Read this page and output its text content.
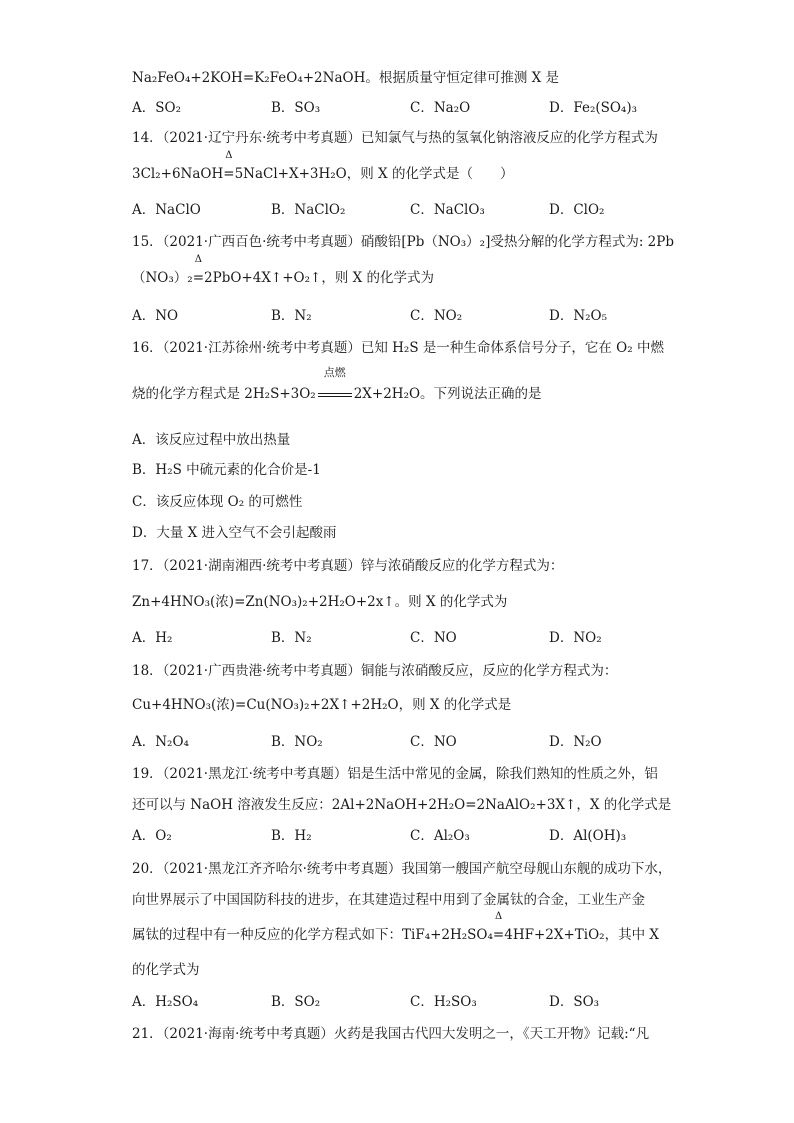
Na₂FeO₄+2KOH=K₂FeO₄+2NaOH。根据质量守恒定律可推测 X 是
A．SO₂	B．SO₃	C．Na₂O	D．Fe₂(SO₄)₃
14．（2021·辽宁丹东·统考中考真题）已知氯气与热的氢氧化钠溶液反应的化学方程式为
3Cl₂+6NaOH
Δ
=5NaCl+X+3H₂O，则 X 的化学式是（　　）
A．NaClO	B．NaClO₂	C．NaClO₃	D．ClO₂
15．（2021·广西百色·统考中考真题）硝酸铅[Pb（NO₃）₂]受热分解的化学方程式为: 2Pb
（NO₃）₂
Δ
=2PbO+4X↑+O₂↑，则 X 的化学式为
A．NO	B．N₂	C．NO₂	D．N₂O₅
16．（2021·江苏徐州·统考中考真题）已知 H₂S 是一种生命体系信号分子，它在 O₂ 中燃
烧的化学方程式是 2H₂S+3O₂
点燃
2X+2H₂O。下列说法正确的是
A．该反应过程中放出热量
B．H₂S 中硫元素的化合价是-1
C．该反应体现 O₂ 的可燃性
D．大量 X 进入空气不会引起酸雨
17．（2021·湖南湘西·统考中考真题）锌与浓硝酸反应的化学方程式为：
Zn+4HNO₃(浓)=Zn(NO₃)₂+2H₂O+2x↑。则 X 的化学式为
A．H₂	B．N₂	C．NO	D．NO₂
18．（2021·广西贵港·统考中考真题）铜能与浓硝酸反应，反应的化学方程式为：
Cu+4HNO₃(浓)=Cu(NO₃)₂+2X↑+2H₂O，则 X 的化学式是
A．N₂O₄	B．NO₂	C．NO	D．N₂O
19．（2021·黑龙江·统考中考真题）铝是生活中常见的金属，除我们熟知的性质之外，铝
还可以与 NaOH 溶液发生反应：2Al+2NaOH+2H₂O=2NaAlO₂+3X↑，X 的化学式是
A．O₂	B．H₂	C．Al₂O₃	D．Al(OH)₃
20．（2021·黑龙江齐齐哈尔·统考中考真题）我国第一艘国产航空母舰山东舰的成功下水，
向世界展示了中国国防科技的进步，在其建造过程中用到了金属钛的合金，工业生产金
属钛的过程中有一种反应的化学方程式如下：TiF₄+2H₂SO₄
Δ
=4HF+2X+TiO₂，其中 X
的化学式为
A．H₂SO₄	B．SO₂	C．H₂SO₃	D．SO₃
21．（2021·海南·统考中考真题）火药是我国古代四大发明之一，《天工开物》记载:“凡
